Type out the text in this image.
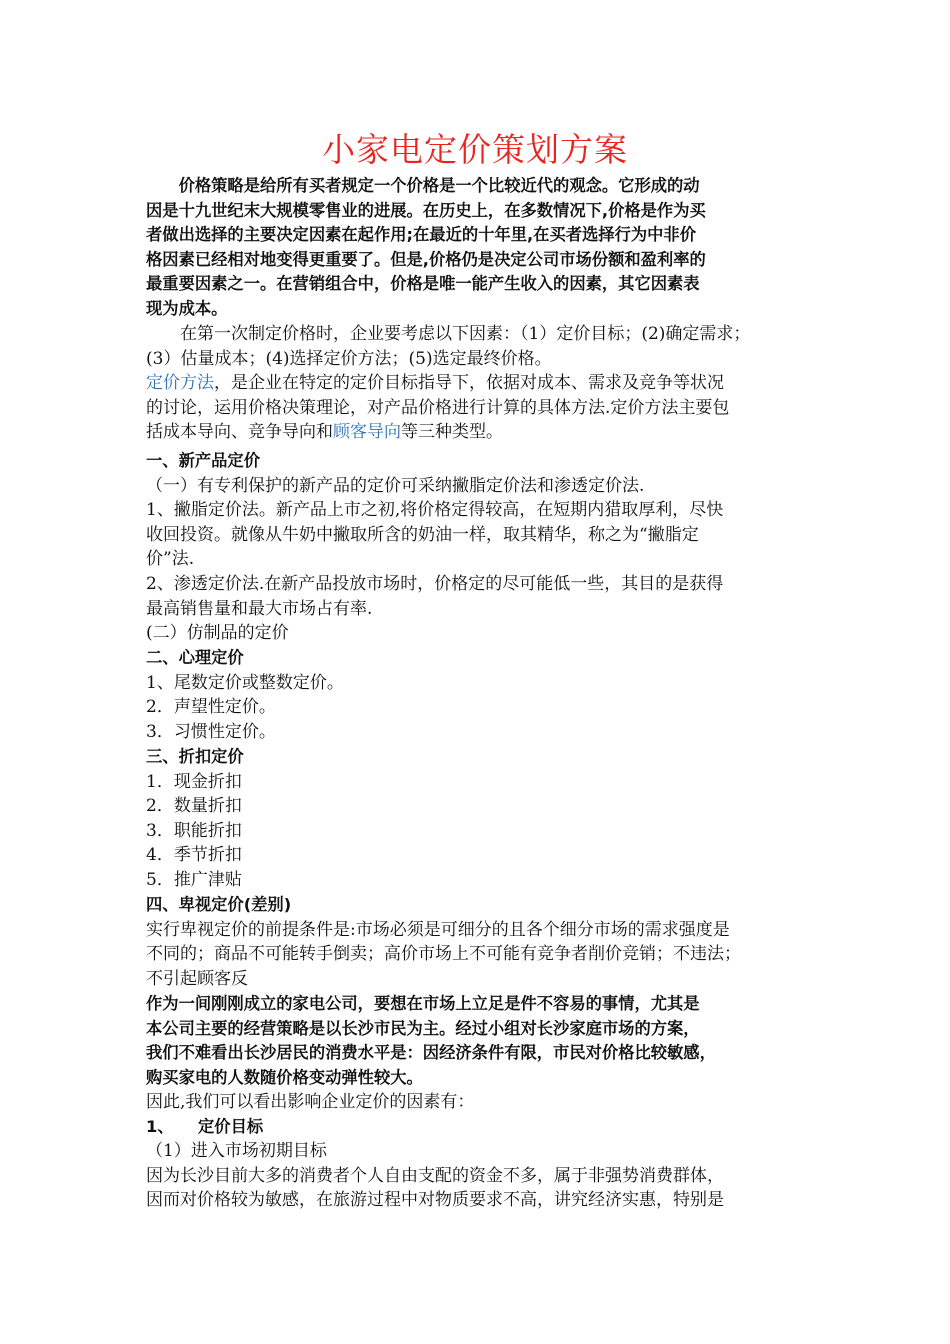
小家电定价策划方案
　　价格策略是给所有买者规定一个价格是一个比较近代的观念。它形成的动
因是十九世纪末大规模零售业的进展。在历史上，在多数情况下,价格是作为买
者做出选择的主要决定因素在起作用;在最近的十年里,在买者选择行为中非价
格因素已经相对地变得更重要了。但是,价格仍是决定公司市场份额和盈利率的
最重要因素之一。在营销组合中，价格是唯一能产生收入的因素，其它因素表
现为成本。
　　在第一次制定价格时，企业要考虑以下因素：（1）定价目标；(2)确定需求；
(3）估量成本；(4)选择定价方法；(5)选定最终价格。
定价方法，是企业在特定的定价目标指导下，依据对成本、需求及竞争等状况
的讨论，运用价格决策理论，对产品价格进行计算的具体方法.定价方法主要包
括成本导向、竞争导向和顾客导向等三种类型。
一、新产品定价
（一）有专利保护的新产品的定价可采纳撇脂定价法和渗透定价法.
1、撇脂定价法。新产品上市之初,将价格定得较高，在短期内猎取厚利，尽快
收回投资。就像从牛奶中撇取所含的奶油一样，取其精华，称之为“撇脂定
价”法.
2、渗透定价法.在新产品投放市场时，价格定的尽可能低一些，其目的是获得
最高销售量和最大市场占有率.
(二）仿制品的定价
二、心理定价
1、尾数定价或整数定价。
2．声望性定价。
3．习惯性定价。
三、折扣定价
1．现金折扣
2．数量折扣
3．职能折扣
4．季节折扣
5．推广津贴
四、卑视定价(差别)
实行卑视定价的前提条件是:市场必须是可细分的且各个细分市场的需求强度是
不同的；商品不可能转手倒卖；高价市场上不可能有竞争者削价竞销；不违法；
不引起顾客反
作为一间刚刚成立的家电公司，要想在市场上立足是件不容易的事情，尤其是
本公司主要的经营策略是以长沙市民为主。经过小组对长沙家庭市场的方案，
我们不难看出长沙居民的消费水平是：因经济条件有限，市民对价格比较敏感，
购买家电的人数随价格变动弹性较大。
因此,我们可以看出影响企业定价的因素有：
1、　　定价目标
（1）进入市场初期目标
因为长沙目前大多的消费者个人自由支配的资金不多，属于非强势消费群体，
因而对价格较为敏感，在旅游过程中对物质要求不高，讲究经济实惠，特别是
